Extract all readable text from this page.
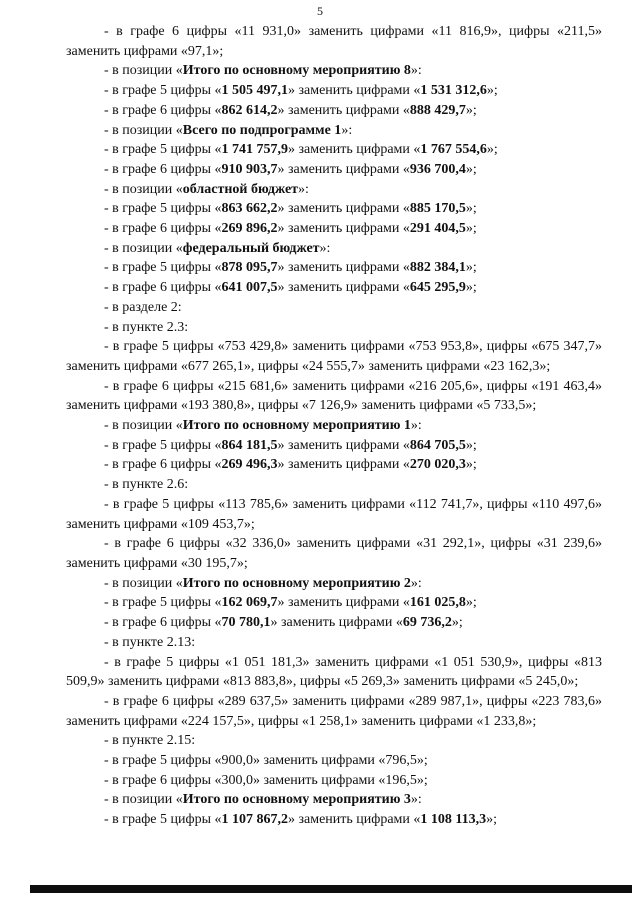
5

- в графе 6 цифры «11 931,0» заменить цифрами «11 816,9», цифры «211,5» заменить цифрами «97,1»;

- в позиции «Итого по основному мероприятию 8»:

- в графе 5 цифры «1 505 497,1» заменить цифрами «1 531 312,6»;

- в графе 6 цифры «862 614,2» заменить цифрами «888 429,7»;

- в позиции «Всего по подпрограмме 1»:

- в графе 5 цифры «1 741 757,9» заменить цифрами «1 767 554,6»;

- в графе 6 цифры «910 903,7» заменить цифрами «936 700,4»;

- в позиции «областной бюджет»:

- в графе 5 цифры «863 662,2» заменить цифрами «885 170,5»;

- в графе 6 цифры «269 896,2» заменить цифрами «291 404,5»;

- в позиции «федеральный бюджет»:

- в графе 5 цифры «878 095,7» заменить цифрами «882 384,1»;

- в графе 6 цифры «641 007,5» заменить цифрами «645 295,9»;

- в разделе 2:

- в пункте 2.3:

- в графе 5 цифры «753 429,8» заменить цифрами «753 953,8», цифры «675 347,7» заменить цифрами «677 265,1», цифры «24 555,7» заменить цифрами «23 162,3»;

- в графе 6 цифры «215 681,6» заменить цифрами «216 205,6», цифры «191 463,4» заменить цифрами «193 380,8», цифры «7 126,9» заменить цифрами «5 733,5»;

- в позиции «Итого по основному мероприятию 1»:

- в графе 5 цифры «864 181,5» заменить цифрами «864 705,5»;

- в графе 6 цифры «269 496,3» заменить цифрами «270 020,3»;

- в пункте 2.6:

- в графе 5 цифры «113 785,6» заменить цифрами «112 741,7», цифры «110 497,6» заменить цифрами «109 453,7»;

- в графе 6 цифры «32 336,0» заменить цифрами «31 292,1», цифры «31 239,6» заменить цифрами «30 195,7»;

- в позиции «Итого по основному мероприятию 2»:

- в графе 5 цифры «162 069,7» заменить цифрами «161 025,8»;

- в графе 6 цифры «70 780,1» заменить цифрами «69 736,2»;

- в пункте 2.13:

- в графе 5 цифры «1 051 181,3» заменить цифрами «1 051 530,9», цифры «813 509,9» заменить цифрами «813 883,8», цифры «5 269,3» заменить цифрами «5 245,0»;

- в графе 6 цифры «289 637,5» заменить цифрами «289 987,1», цифры «223 783,6» заменить цифрами «224 157,5», цифры «1 258,1» заменить цифрами «1 233,8»;

- в пункте 2.15:

- в графе 5 цифры «900,0» заменить цифрами «796,5»;

- в графе 6 цифры «300,0» заменить цифрами «196,5»;

- в позиции «Итого по основному мероприятию 3»:

- в графе 5 цифры «1 107 867,2» заменить цифрами «1 108 113,3»;
